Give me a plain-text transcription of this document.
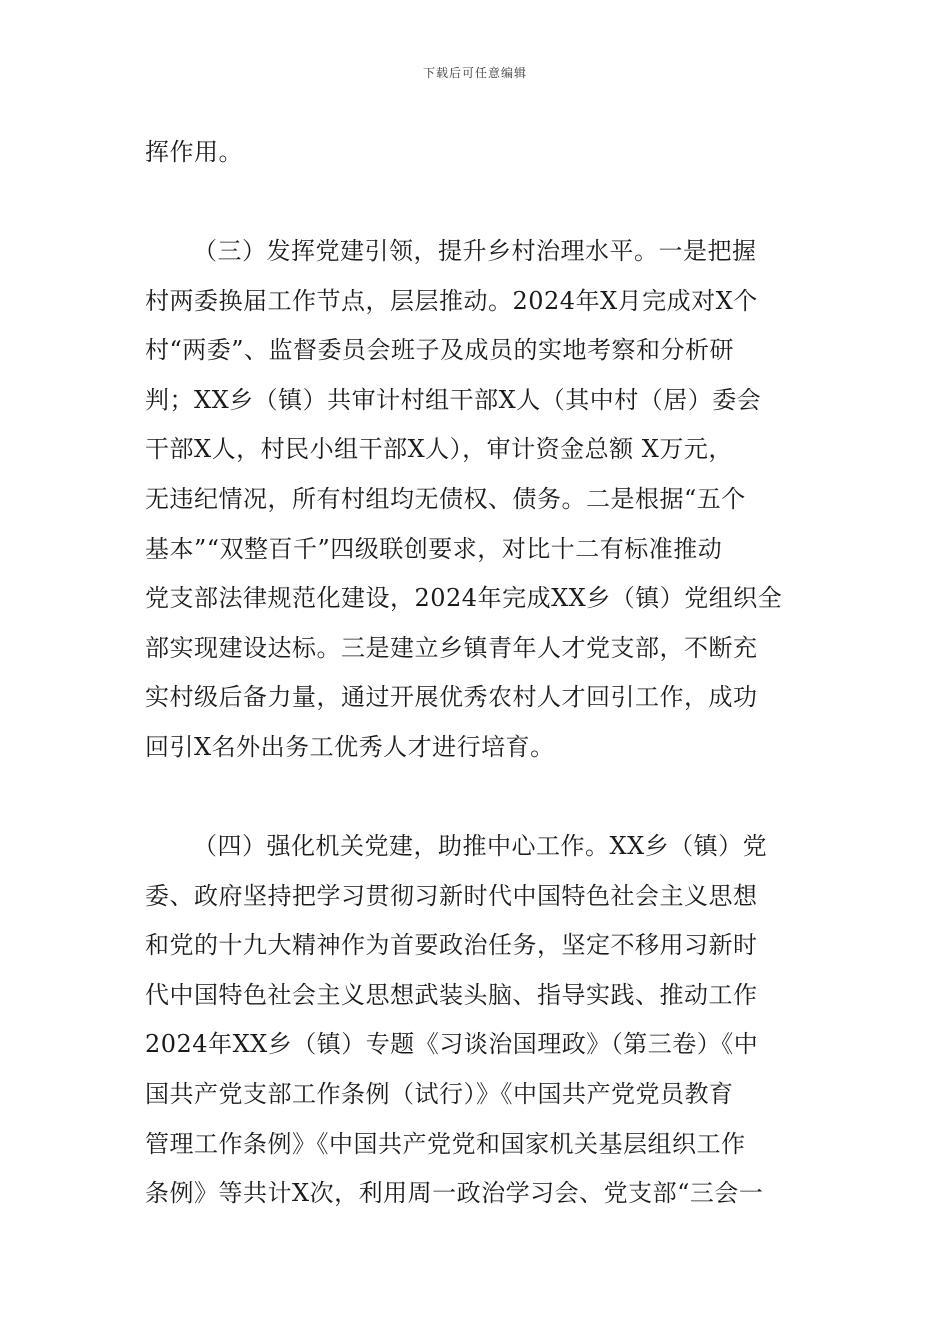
下载后可任意编辑
挥作用。
（三）发挥党建引领，提升乡村治理水平。一是把握
村两委换届工作节点，层层推动。2024年X月完成对X个
村“两委”、监督委员会班子及成员的实地考察和分析研
判；XX乡（镇）共审计村组干部X人（其中村（居）委会
干部X人，村民小组干部X人），审计资金总额 X万元，
无违纪情况，所有村组均无债权、债务。二是根据“五个
基本”“双整百千”四级联创要求，对比十二有标准推动
党支部法律规范化建设，2024年完成XX乡（镇）党组织全
部实现建设达标。三是建立乡镇青年人才党支部，不断充
实村级后备力量，通过开展优秀农村人才回引工作，成功
回引X名外出务工优秀人才进行培育。
（四）强化机关党建，助推中心工作。XX乡（镇）党
委、政府坚持把学习贯彻习新时代中国特色社会主义思想
和党的十九大精神作为首要政治任务，坚定不移用习新时
代中国特色社会主义思想武装头脑、指导实践、推动工作
2024年XX乡（镇）专题《习谈治国理政》（第三卷）《中
国共产党支部工作条例（试行）》《中国共产党党员教育
管理工作条例》《中国共产党党和国家机关基层组织工作
条例》等共计X次，利用周一政治学习会、党支部“三会一
